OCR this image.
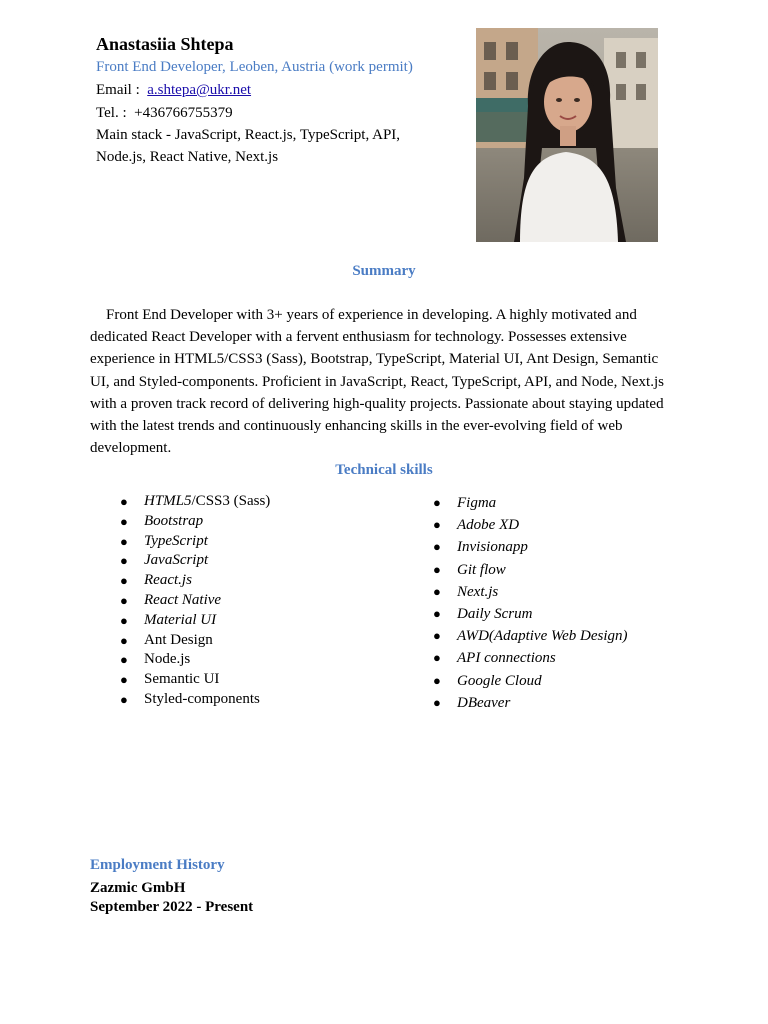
Anastasiia Shtepa
Front End Developer, Leoben, Austria (work permit)
Email : a.shtepa@ukr.net
Tel. : +436766755379
Main stack - JavaScript, React.js, TypeScript, API,
Node.js, React Native, Next.js
Summary

Front End Developer with 3+ years of experience in developing. A highly motivated and dedicated React Developer with a fervent enthusiasm for technology. Possesses extensive experience in HTML5/CSS3 (Sass), Bootstrap, TypeScript, Material UI, Ant Design, Semantic UI, and Styled-components. Proficient in JavaScript, React, TypeScript, API, and Node, Next.js with a proven track record of delivering high-quality projects. Passionate about staying updated with the latest trends and continuously enhancing skills in the ever-evolving field of web development.

Technical skills
● HTML5/CSS3 (Sass)
● Bootstrap
● TypeScript
● JavaScript
● React.js
● React Native
● Material UI
● Ant Design
● Node.js
● Semantic UI
● Styled-components
● Figma
● Adobe XD
● Invisionapp
● Git flow
● Next.js
● Daily Scrum
● AWD(Adaptive Web Design)
● API connections
● Google Cloud
● DBeaver
Employment History
Zazmic GmbH
September 2022 - Present
